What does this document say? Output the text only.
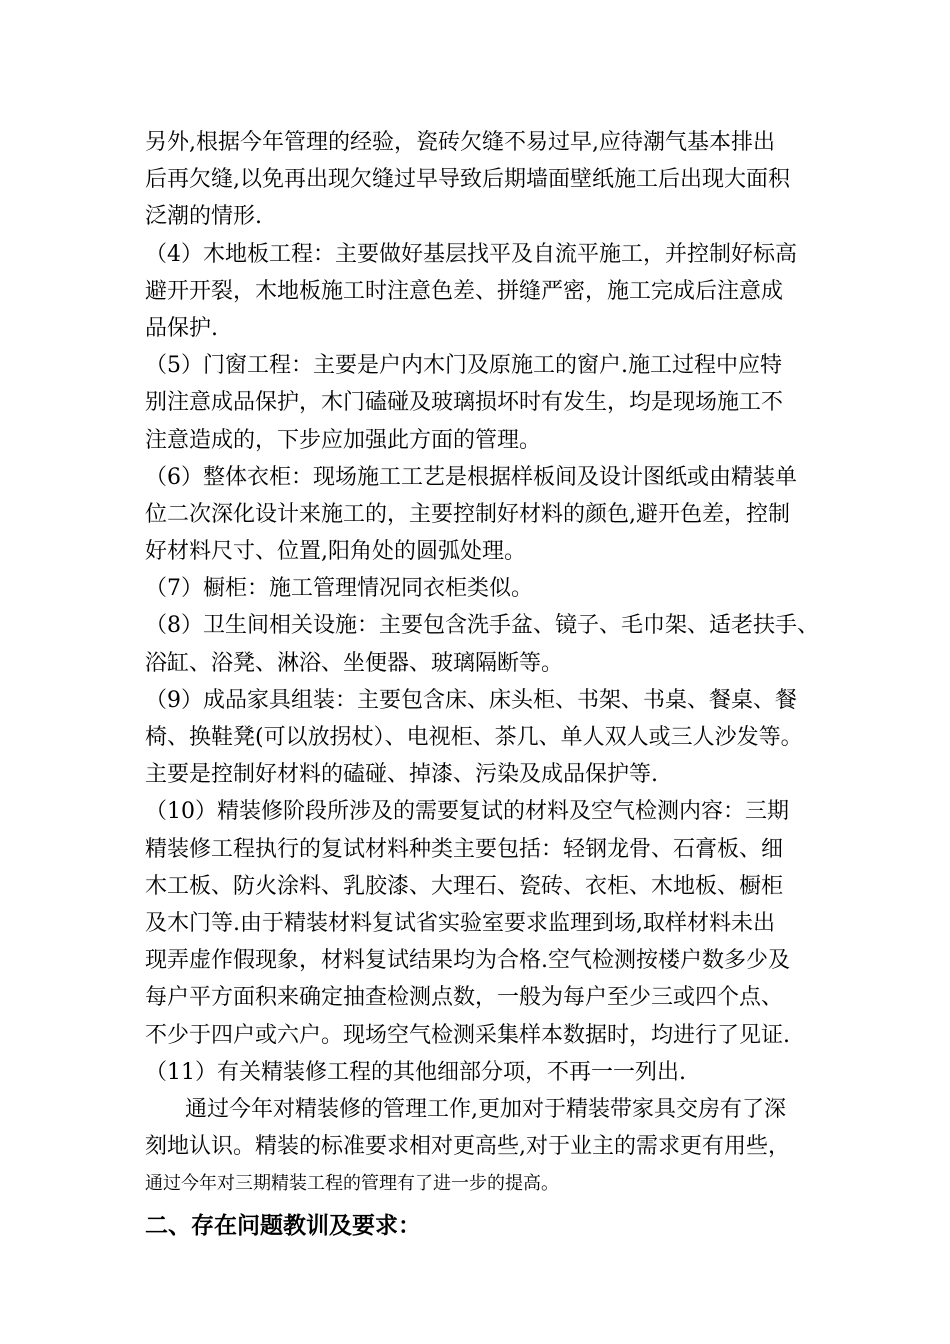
另外,根据今年管理的经验，瓷砖欠缝不易过早,应待潮气基本排出
后再欠缝,以免再出现欠缝过早导致后期墙面壁纸施工后出现大面积
泛潮的情形.
（4）木地板工程：主要做好基层找平及自流平施工，并控制好标高
避开开裂，木地板施工时注意色差、拼缝严密，施工完成后注意成
品保护.
（5）门窗工程：主要是户内木门及原施工的窗户.施工过程中应特
别注意成品保护，木门磕碰及玻璃损坏时有发生，均是现场施工不
注意造成的，下步应加强此方面的管理。
（6）整体衣柜：现场施工工艺是根据样板间及设计图纸或由精装单
位二次深化设计来施工的，主要控制好材料的颜色,避开色差，控制
好材料尺寸、位置,阳角处的圆弧处理。
（7）橱柜：施工管理情况同衣柜类似。
（8）卫生间相关设施：主要包含洗手盆、镜子、毛巾架、适老扶手、
浴缸、浴凳、淋浴、坐便器、玻璃隔断等。
（9）成品家具组装：主要包含床、床头柜、书架、书桌、餐桌、餐
椅、换鞋凳(可以放拐杖）、电视柜、茶几、单人双人或三人沙发等。
主要是控制好材料的磕碰、掉漆、污染及成品保护等.
（10）精装修阶段所涉及的需要复试的材料及空气检测内容：三期
精装修工程执行的复试材料种类主要包括：轻钢龙骨、石膏板、细
木工板、防火涂料、乳胶漆、大理石、瓷砖、衣柜、木地板、橱柜
及木门等.由于精装材料复试省实验室要求监理到场,取样材料未出
现弄虚作假现象，材料复试结果均为合格.空气检测按楼户数多少及
每户平方面积来确定抽查检测点数，一般为每户至少三或四个点、
不少于四户或六户。现场空气检测采集样本数据时，均进行了见证.
（11）有关精装修工程的其他细部分项，不再一一列出.
通过今年对精装修的管理工作,更加对于精装带家具交房有了深
刻地认识。精装的标准要求相对更高些,对于业主的需求更有用些，
通过今年对三期精装工程的管理有了进一步的提高。
二、存在问题教训及要求：
